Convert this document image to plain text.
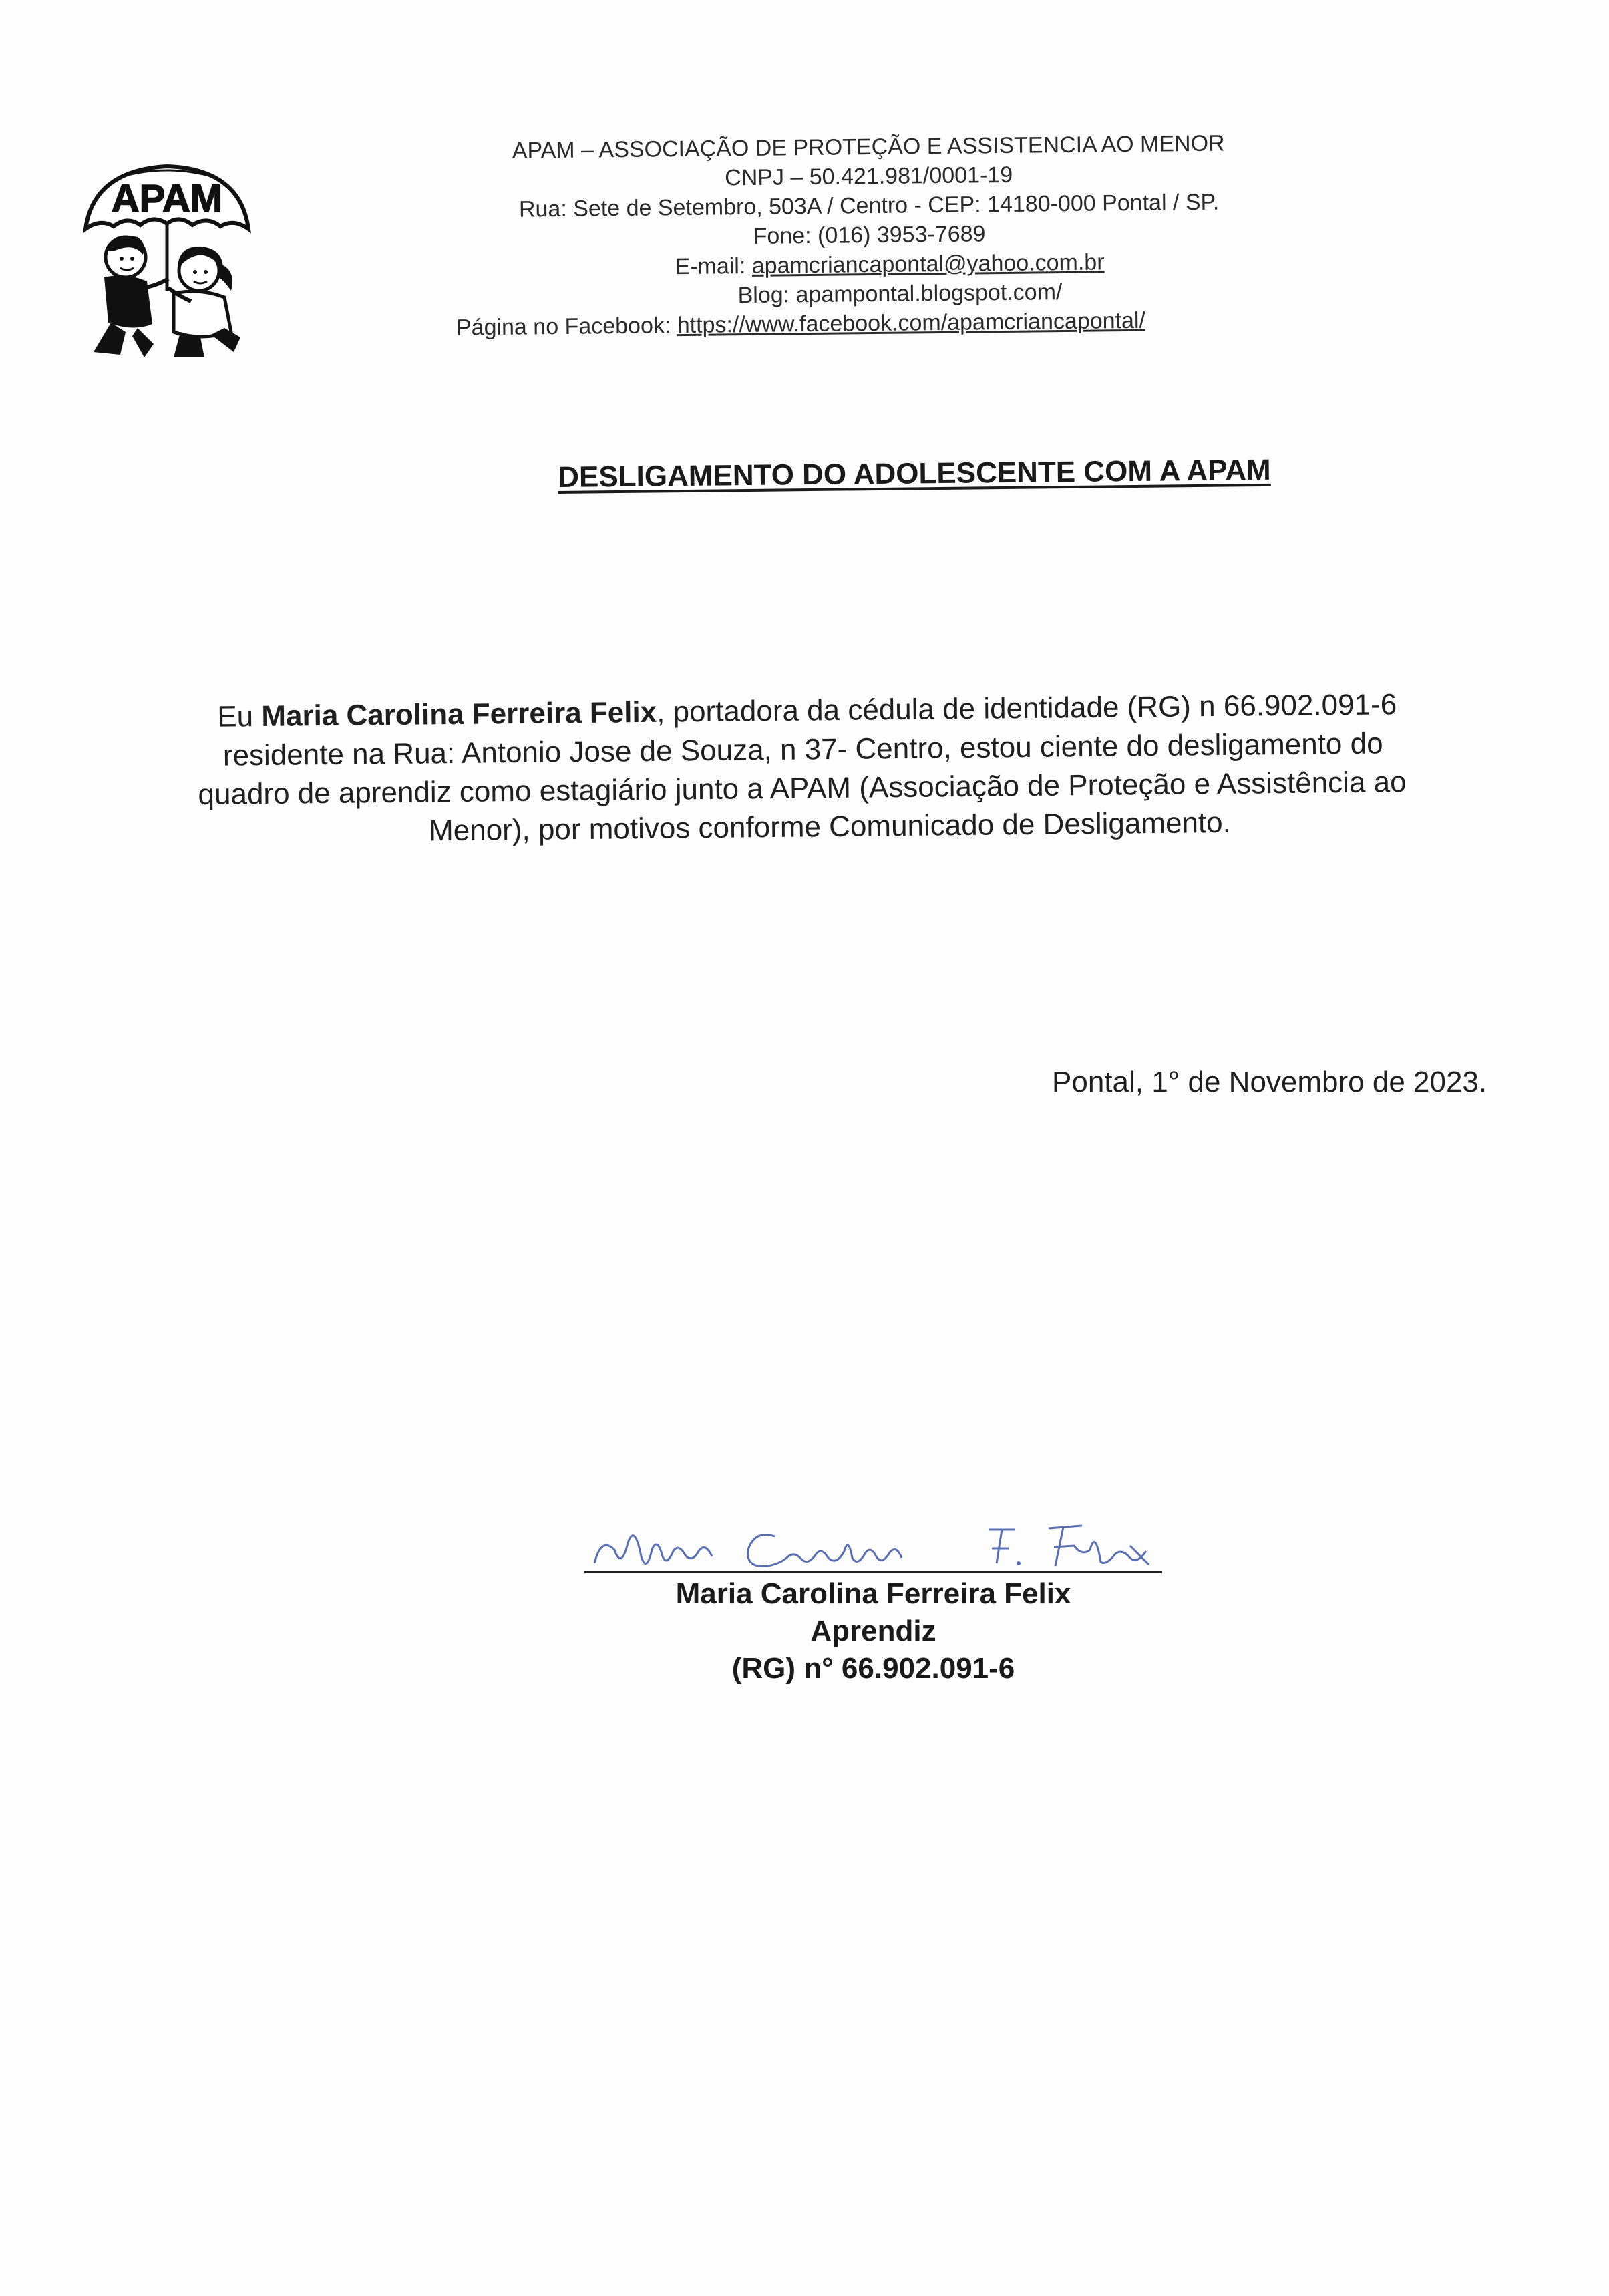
APAM
APAM – ASSOCIAÇÃO DE PROTEÇÃO E ASSISTENCIA AO MENOR
CNPJ – 50.421.981/0001-19
Rua: Sete de Setembro, 503A / Centro - CEP: 14180-000 Pontal / SP.
Fone: (016) 3953-7689
E-mail: apamcriancapontal@yahoo.com.br
Blog: apampontal.blogspot.com/
Página no Facebook: https://www.facebook.com/apamcriancapontal/
DESLIGAMENTO DO ADOLESCENTE COM A APAM
Eu Maria Carolina Ferreira Felix, portadora da cédula de identidade (RG) n 66.902.091-6
residente na Rua: Antonio Jose de Souza, n 37- Centro, estou ciente do desligamento do
quadro de aprendiz como estagiário junto a APAM (Associação de Proteção e Assistência ao
Menor), por motivos conforme Comunicado de Desligamento.
Pontal, 1° de Novembro de 2023.
Maria Carolina Ferreira Felix
Aprendiz
(RG) n° 66.902.091-6
